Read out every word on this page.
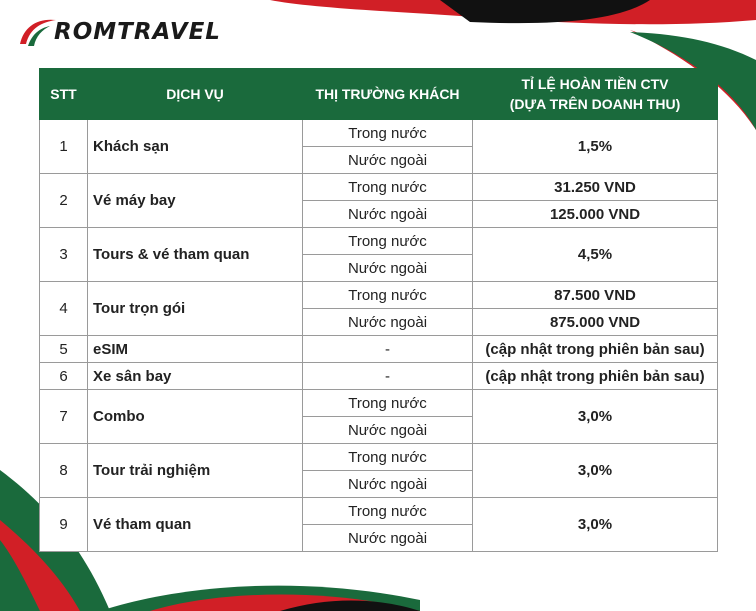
ROMTRAVEL
STT	DỊCH VỤ	THỊ TRƯỜNG KHÁCH	TỈ LỆ HOÀN TIỀN CTV
(DỰA TRÊN DOANH THU)

1	Khách sạn	Trong nước	1,5%
		Nước ngoài	
2	Vé máy bay	Trong nước	31.250 VND
		Nước ngoài	125.000 VND
3	Tours & vé tham quan	Trong nước	4,5%
		Nước ngoài	
4	Tour trọn gói	Trong nước	87.500 VND
		Nước ngoài	875.000 VND
5	eSIM	-	(cập nhật trong phiên bản sau)
6	Xe sân bay	-	(cập nhật trong phiên bản sau)
7	Combo	Trong nước	3,0%
		Nước ngoài	
8	Tour trải nghiệm	Trong nước	3,0%
		Nước ngoài	
9	Vé tham quan	Trong nước	3,0%
		Nước ngoài	
